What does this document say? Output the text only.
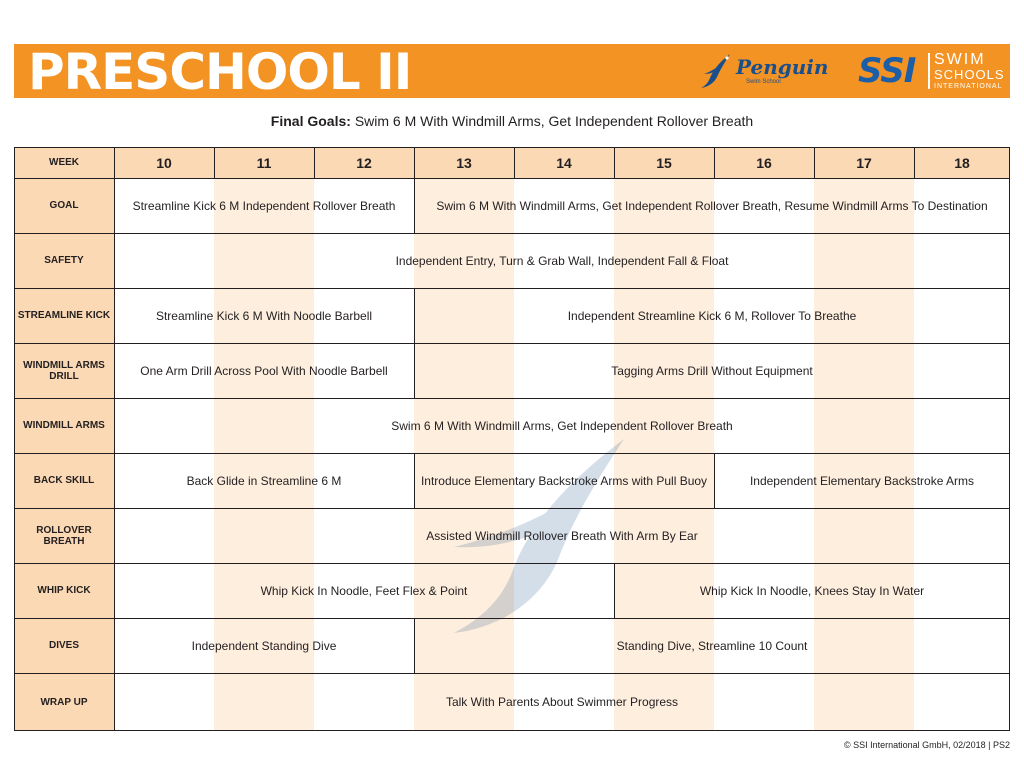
PRESCHOOL II	Penguin
Swim School SSI	SWIM
SCHOOLS
INTERNATIONAL
Final Goals: Swim 6 M With Windmill Arms, Get Independent Rollover Breath
WEEK	10	11	12	13	14	15	16	17	18
GOAL	Streamline Kick 6 M Independent Rollover Breath	Swim 6 M With Windmill Arms, Get Independent Rollover Breath, Resume Windmill Arms To Destination
SAFETY	Independent Entry, Turn & Grab Wall, Independent Fall & Float
STREAMLINE KICK	Streamline Kick 6 M With Noodle Barbell	Independent Streamline Kick 6 M, Rollover To Breathe
WINDMILL ARMS DRILL	One Arm Drill Across Pool With Noodle Barbell	Tagging Arms Drill Without Equipment
WINDMILL ARMS	Swim 6 M With Windmill Arms, Get Independent Rollover Breath
BACK SKILL	Back Glide in Streamline 6 M	Introduce Elementary Backstroke Arms with Pull Buoy	Independent Elementary Backstroke Arms
ROLLOVER BREATH	Assisted Windmill Rollover Breath With Arm By Ear
WHIP KICK	Whip Kick In Noodle, Feet Flex & Point	Whip Kick In Noodle, Knees Stay In Water
DIVES	Independent Standing Dive	Standing Dive, Streamline 10 Count
WRAP UP	Talk With Parents About Swimmer Progress
© SSI International GmbH, 02/2018 | PS2
